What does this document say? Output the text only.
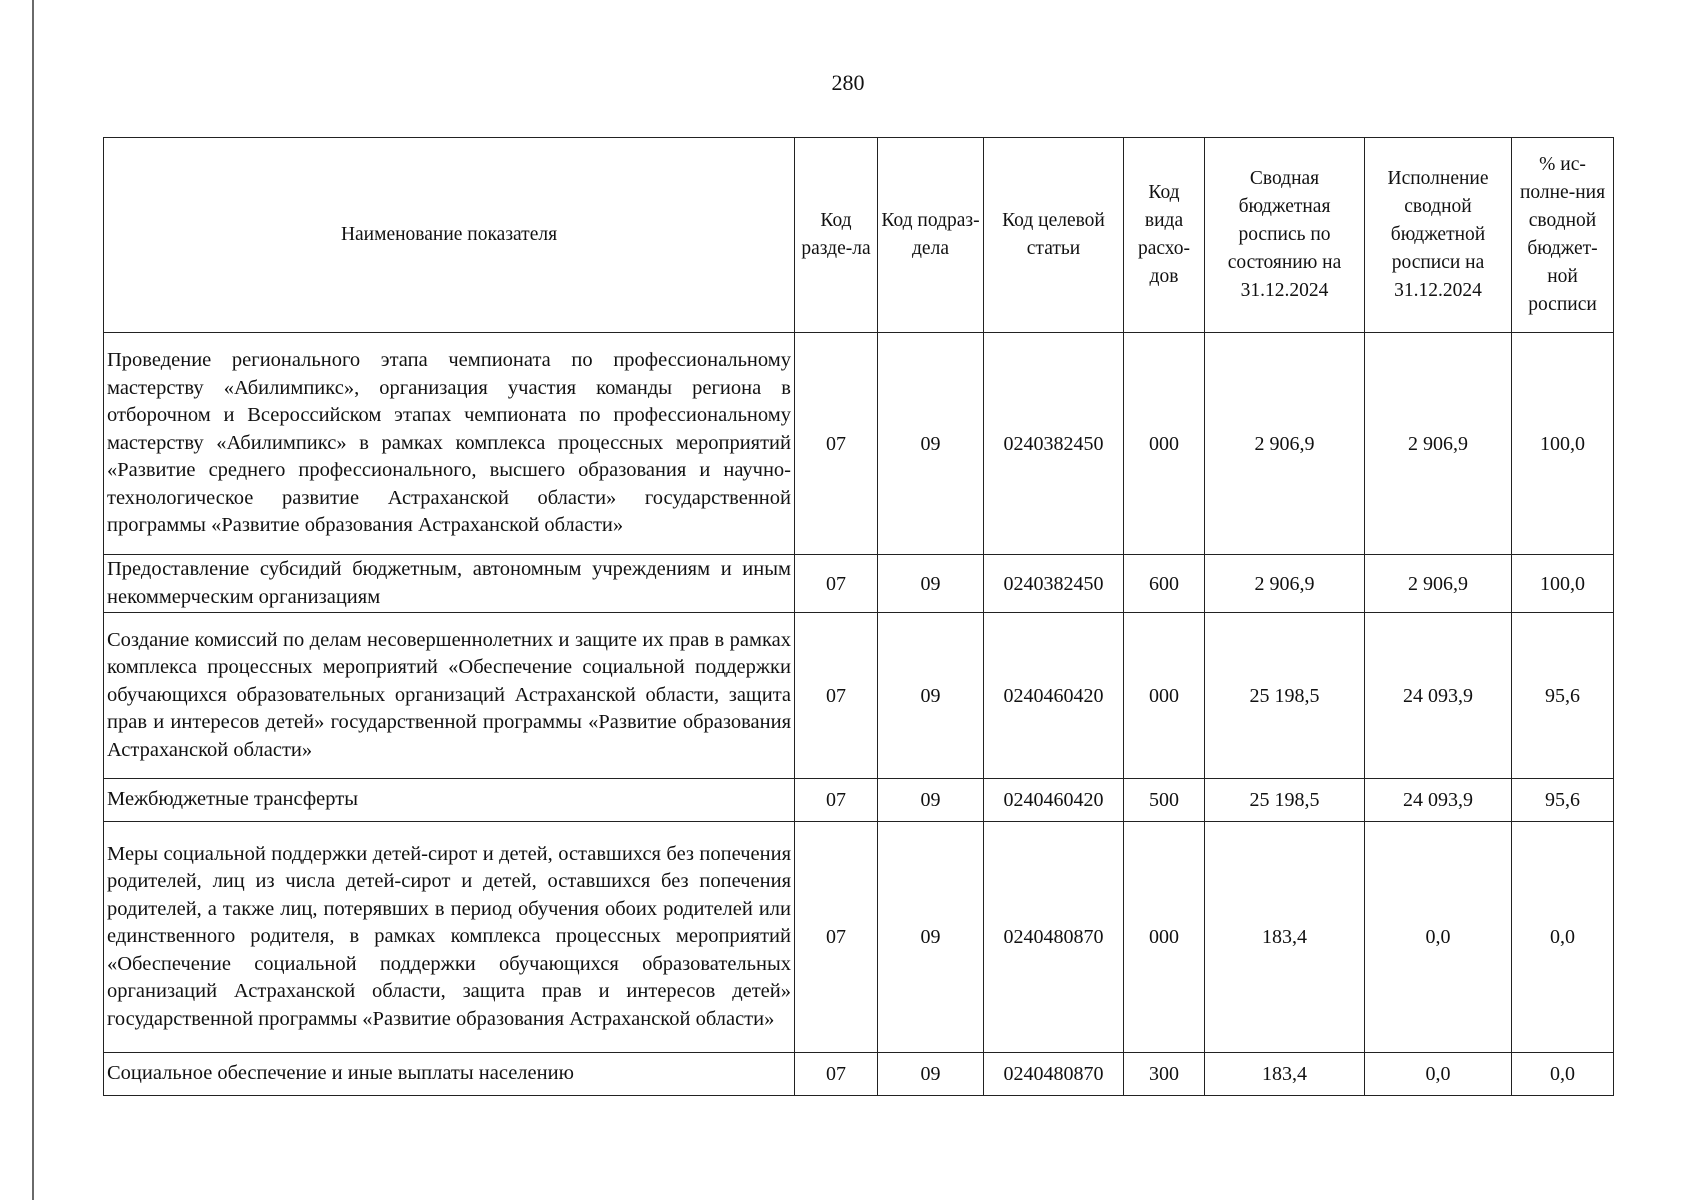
280
Наименование показателя	Код разде-ла	Код подраз-дела	Код целевой статьи	Код вида расхо-дов	Сводная бюджетная роспись по состоянию на 31.12.2024	Исполнение сводной бюджетной росписи на 31.12.2024	% ис-полне-ния сводной бюджет-ной росписи
Проведение регионального этапа чемпионата по профессиональному мастерству «Абилимпикс», организация участия команды региона в отборочном и Всероссийском этапах чемпионата по профессиональному мастерству «Абилимпикс» в рамках комплекса процессных мероприятий «Развитие среднего профессионального, высшего образования и научно-технологическое развитие Астраханской области» государственной программы «Развитие образования Астраханской области»	07	09	0240382450	000	2 906,9	2 906,9	100,0
Предоставление субсидий бюджетным, автономным учреждениям и иным некоммерческим организациям	07	09	0240382450	600	2 906,9	2 906,9	100,0
Создание комиссий по делам несовершеннолетних и защите их прав в рамках комплекса процессных мероприятий «Обеспечение социальной поддержки обучающихся образовательных организаций Астраханской области, защита прав и интересов детей» государственной программы «Развитие образования Астраханской области»	07	09	0240460420	000	25 198,5	24 093,9	95,6
Межбюджетные трансферты	07	09	0240460420	500	25 198,5	24 093,9	95,6
Меры социальной поддержки детей-сирот и детей, оставшихся без попечения родителей, лиц из числа детей-сирот и детей, оставшихся без попечения родителей, а также лиц, потерявших в период обучения обоих родителей или единственного родителя, в рамках комплекса процессных мероприятий «Обеспечение социальной поддержки обучающихся образовательных организаций Астраханской области, защита прав и интересов детей» государственной программы «Развитие образования Астраханской области»	07	09	0240480870	000	183,4	0,0	0,0
Социальное обеспечение и иные выплаты населению	07	09	0240480870	300	183,4	0,0	0,0
